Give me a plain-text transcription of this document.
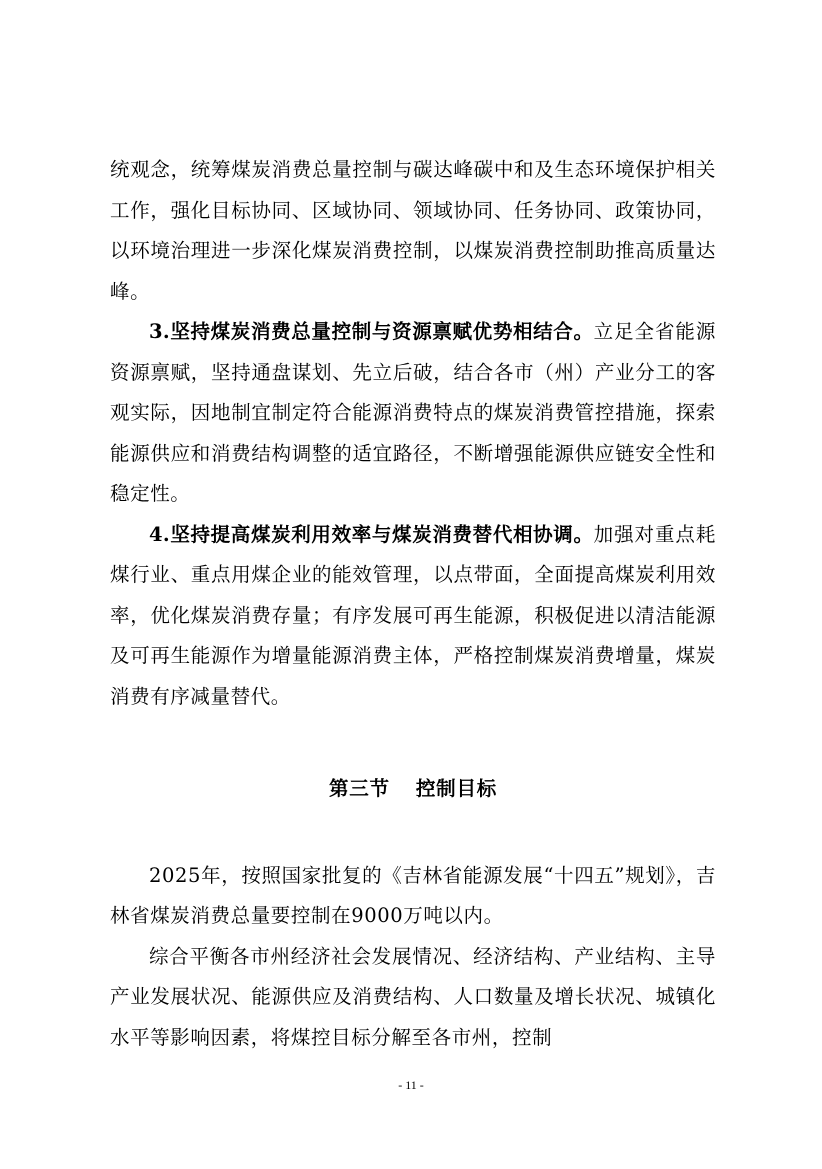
统观念，统筹煤炭消费总量控制与碳达峰碳中和及生态环境保护相关工作，强化目标协同、区域协同、领域协同、任务协同、政策协同，以环境治理进一步深化煤炭消费控制，以煤炭消费控制助推高质量达峰。

3.坚持煤炭消费总量控制与资源禀赋优势相结合。立足全省能源资源禀赋，坚持通盘谋划、先立后破，结合各市（州）产业分工的客观实际，因地制宜制定符合能源消费特点的煤炭消费管控措施，探索能源供应和消费结构调整的适宜路径，不断增强能源供应链安全性和稳定性。

4.坚持提高煤炭利用效率与煤炭消费替代相协调。加强对重点耗煤行业、重点用煤企业的能效管理，以点带面，全面提高煤炭利用效率，优化煤炭消费存量；有序发展可再生能源，积极促进以清洁能源及可再生能源作为增量能源消费主体，严格控制煤炭消费增量，煤炭消费有序减量替代。

第三节 控制目标

2025年，按照国家批复的《吉林省能源发展“十四五”规划》，吉林省煤炭消费总量要控制在9000万吨以内。

综合平衡各市州经济社会发展情况、经济结构、产业结构、主导产业发展状况、能源供应及消费结构、人口数量及增长状况、城镇化水平等影响因素，将煤控目标分解至各市州，控制

- 11 -
